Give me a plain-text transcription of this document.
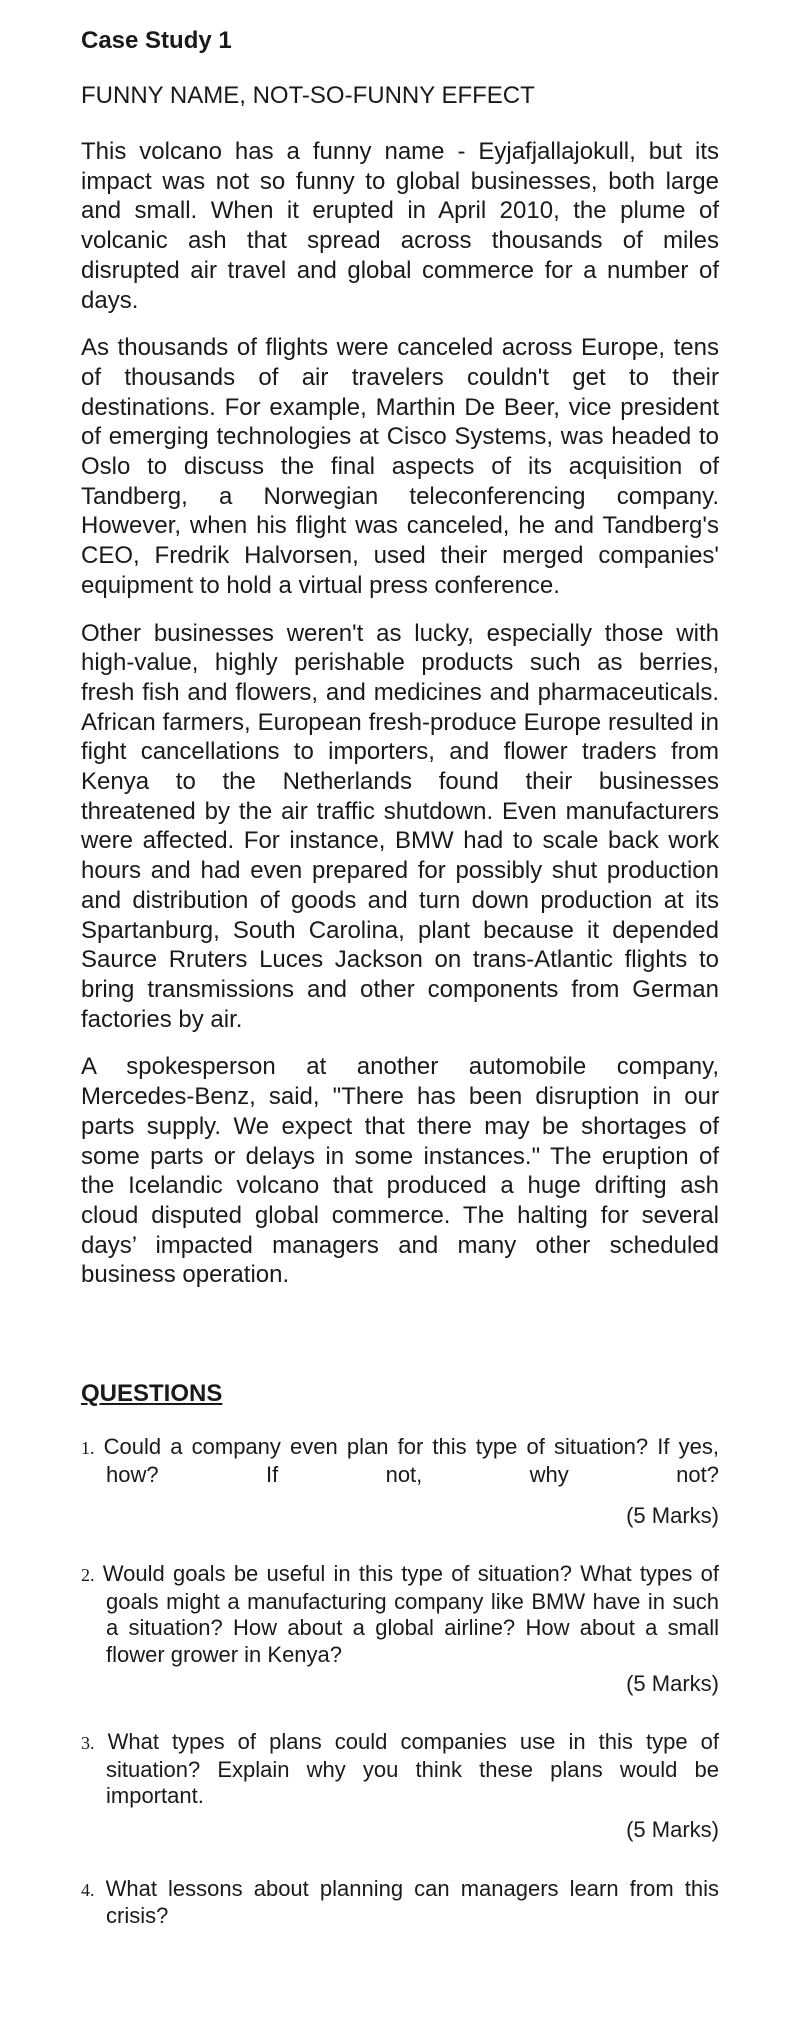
Case Study 1
FUNNY NAME, NOT-SO-FUNNY EFFECT

This volcano has a funny name - Eyjafjallajokull, but its impact was not so funny to global businesses, both large and small. When it erupted in April 2010, the plume of volcanic ash that spread across thousands of miles disrupted air travel and global commerce for a number of days.

As thousands of flights were canceled across Europe, tens of thousands of air travelers couldn't get to their destinations. For example, Marthin De Beer, vice president of emerging technologies at Cisco Systems, was headed to Oslo to discuss the final aspects of its acquisition of Tandberg, a Norwegian teleconferencing company. However, when his flight was canceled, he and Tandberg's CEO, Fredrik Halvorsen, used their merged companies' equipment to hold a virtual press conference.

Other businesses weren't as lucky, especially those with high-value, highly perishable products such as berries, fresh fish and flowers, and medicines and pharmaceuticals. African farmers, European fresh-produce Europe resulted in fight cancellations to importers, and flower traders from Kenya to the Netherlands found their businesses threatened by the air traffic shutdown. Even manufacturers were affected. For instance, BMW had to scale back work hours and had even prepared for possibly shut production and distribution of goods and turn down production at its Spartanburg, South Carolina, plant because it depended Saurce Rruters Luces Jackson on trans-Atlantic flights to bring transmissions and other components from German factories by air.

A spokesperson at another automobile company, Mercedes-Benz, said, "There has been disruption in our parts supply. We expect that there may be shortages of some parts or delays in some instances." The eruption of the Icelandic volcano that produced a huge drifting ash cloud disputed global commerce. The halting for several days’ impacted managers and many other scheduled business operation.

QUESTIONS
1. Could a company even plan for this type of situation? If yes, how? If not, why not?
(5 Marks)
2. Would goals be useful in this type of situation? What types of goals might a manufacturing company like BMW have in such a situation? How about a global airline? How about a small flower grower in Kenya?
(5 Marks)
3. What types of plans could companies use in this type of situation? Explain why you think these plans would be important.
(5 Marks)
4. What lessons about planning can managers learn from this crisis?
